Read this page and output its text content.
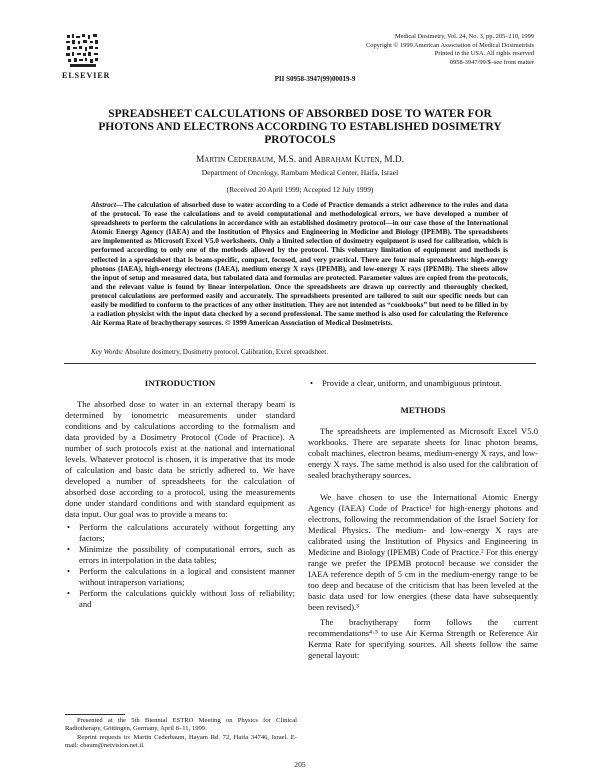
ELSEVIER
Medical Dosimetry, Vol. 24, No. 3, pp. 205–210, 1999
Copyright © 1999 American Association of Medical Dosimetrists
Printed in the USA. All rights reserved
0958-3947/99/$–see front matter
PII S0958-3947(99)00019-9
SPREADSHEET CALCULATIONS OF ABSORBED DOSE TO WATER FOR PHOTONS AND ELECTRONS ACCORDING TO ESTABLISHED DOSIMETRY PROTOCOLS
Martin Cederbaum, M.S. and Abraham Kuten, M.D.
Department of Oncology, Rambam Medical Center, Haifa, Israel
(Received 20 April 1999; Accepted 12 July 1999)
Abstract—The calculation of absorbed dose to water according to a Code of Practice demands a strict adherence to the rules and data of the protocol. To ease the calculations and to avoid computational and methodological errors, we have developed a number of spreadsheets to perform the calculations in accordance with an established dosimetry protocol—in our case those of the International Atomic Energy Agency (IAEA) and the Institution of Physics and Engineering in Medicine and Biology (IPEMB). The spreadsheets are implemented as Microsoft Excel V5.0 worksheets. Only a limited selection of dosimetry equipment is used for calibration, which is performed according to only one of the methods allowed by the protocol. This voluntary limitation of equipment and methods is reflected in a spreadsheet that is beam-specific, compact, focused, and very practical. There are four main spreadsheets: high-energy photons (IAEA), high-energy electrons (IAEA), medium energy X rays (IPEMB), and low-energy X rays (IPEMB). The sheets allow the input of setup and measured data, but tabulated data and formulas are protected. Parameter values are copied from the protocols, and the relevant value is found by linear interpolation. Once the spreadsheets are drawn up correctly and thoroughly checked, protocol calculations are performed easily and accurately. The spreadsheets presented are tailored to suit our specific needs but can easily be modified to conform to the practices of any other institution. They are not intended as “cookbooks” but need to be filled in by a radiation physicist with the input data checked by a second professional. The same method is also used for calculating the Reference Air Kerma Rate of brachytherapy sources. © 1999 American Association of Medical Dosimetrists.
Key Words: Absolute dosimetry, Dosimetry protocol, Calibration, Excel spreadsheet.
INTRODUCTION

The absorbed dose to water in an external therapy beam is determined by ionometric measurements under standard conditions and by calculations according to the formalism and data provided by a Dosimetry Protocol (Code of Practice). A number of such protocols exist at the national and international levels. Whatever protocol is chosen, it is imperative that its mode of calculation and basic data be strictly adhered to. We have developed a number of spreadsheets for the calculation of absorbed dose according to a protocol, using the measurements done under standard conditions and with standard equipment as data input. Our goal was to provide a means to:

• Perform the calculations accurately without forgetting any factors;
• Minimize the possibility of computational errors, such as errors in interpolation in the data tables;
• Perform the calculations in a logical and consistent manner without intraperson variations;
• Perform the calculations quickly without loss of reliability; and
• Provide a clear, uniform, and unambiguous printout.
METHODS

The spreadsheets are implemented as Microsoft Excel V5.0 workbooks. There are separate sheets for linac photon beams, cobalt machines, electron beams, medium-energy X rays, and low-energy X rays. The same method is also used for the calibration of sealed brachytherapy sources.

We have chosen to use the International Atomic Energy Agency (IAEA) Code of Practice¹ for high-energy photons and electrons, following the recommendation of the Israel Society for Medical Physics. The medium- and low-energy X rays are calibrated using the Institution of Physics and Engineering in Medicine and Biology (IPEMB) Code of Practice.² For this energy range we prefer the IPEMB protocol because we consider the IAEA reference depth of 5 cm in the medium-energy range to be too deep and because of the criticism that has been leveled at the basic data used for low energies (these data have subsequently been revised).³

The brachytherapy form follows the current recommendations⁴·⁵ to use Air Kerma Strength or Reference Air Kerma Rate for specifying sources. All sheets follow the same general layout:

Presented at the 5th Biennial ESTRO Meeting on Physics for Clinical Radiotherapy, Göttingen, Germany, April 8–11, 1999.

Reprint requests to: Martin Cederbaum, Hayam Rd. 72, Haifa 34746, Israel. E-mail: cbaum@netvision.net.il.

205
